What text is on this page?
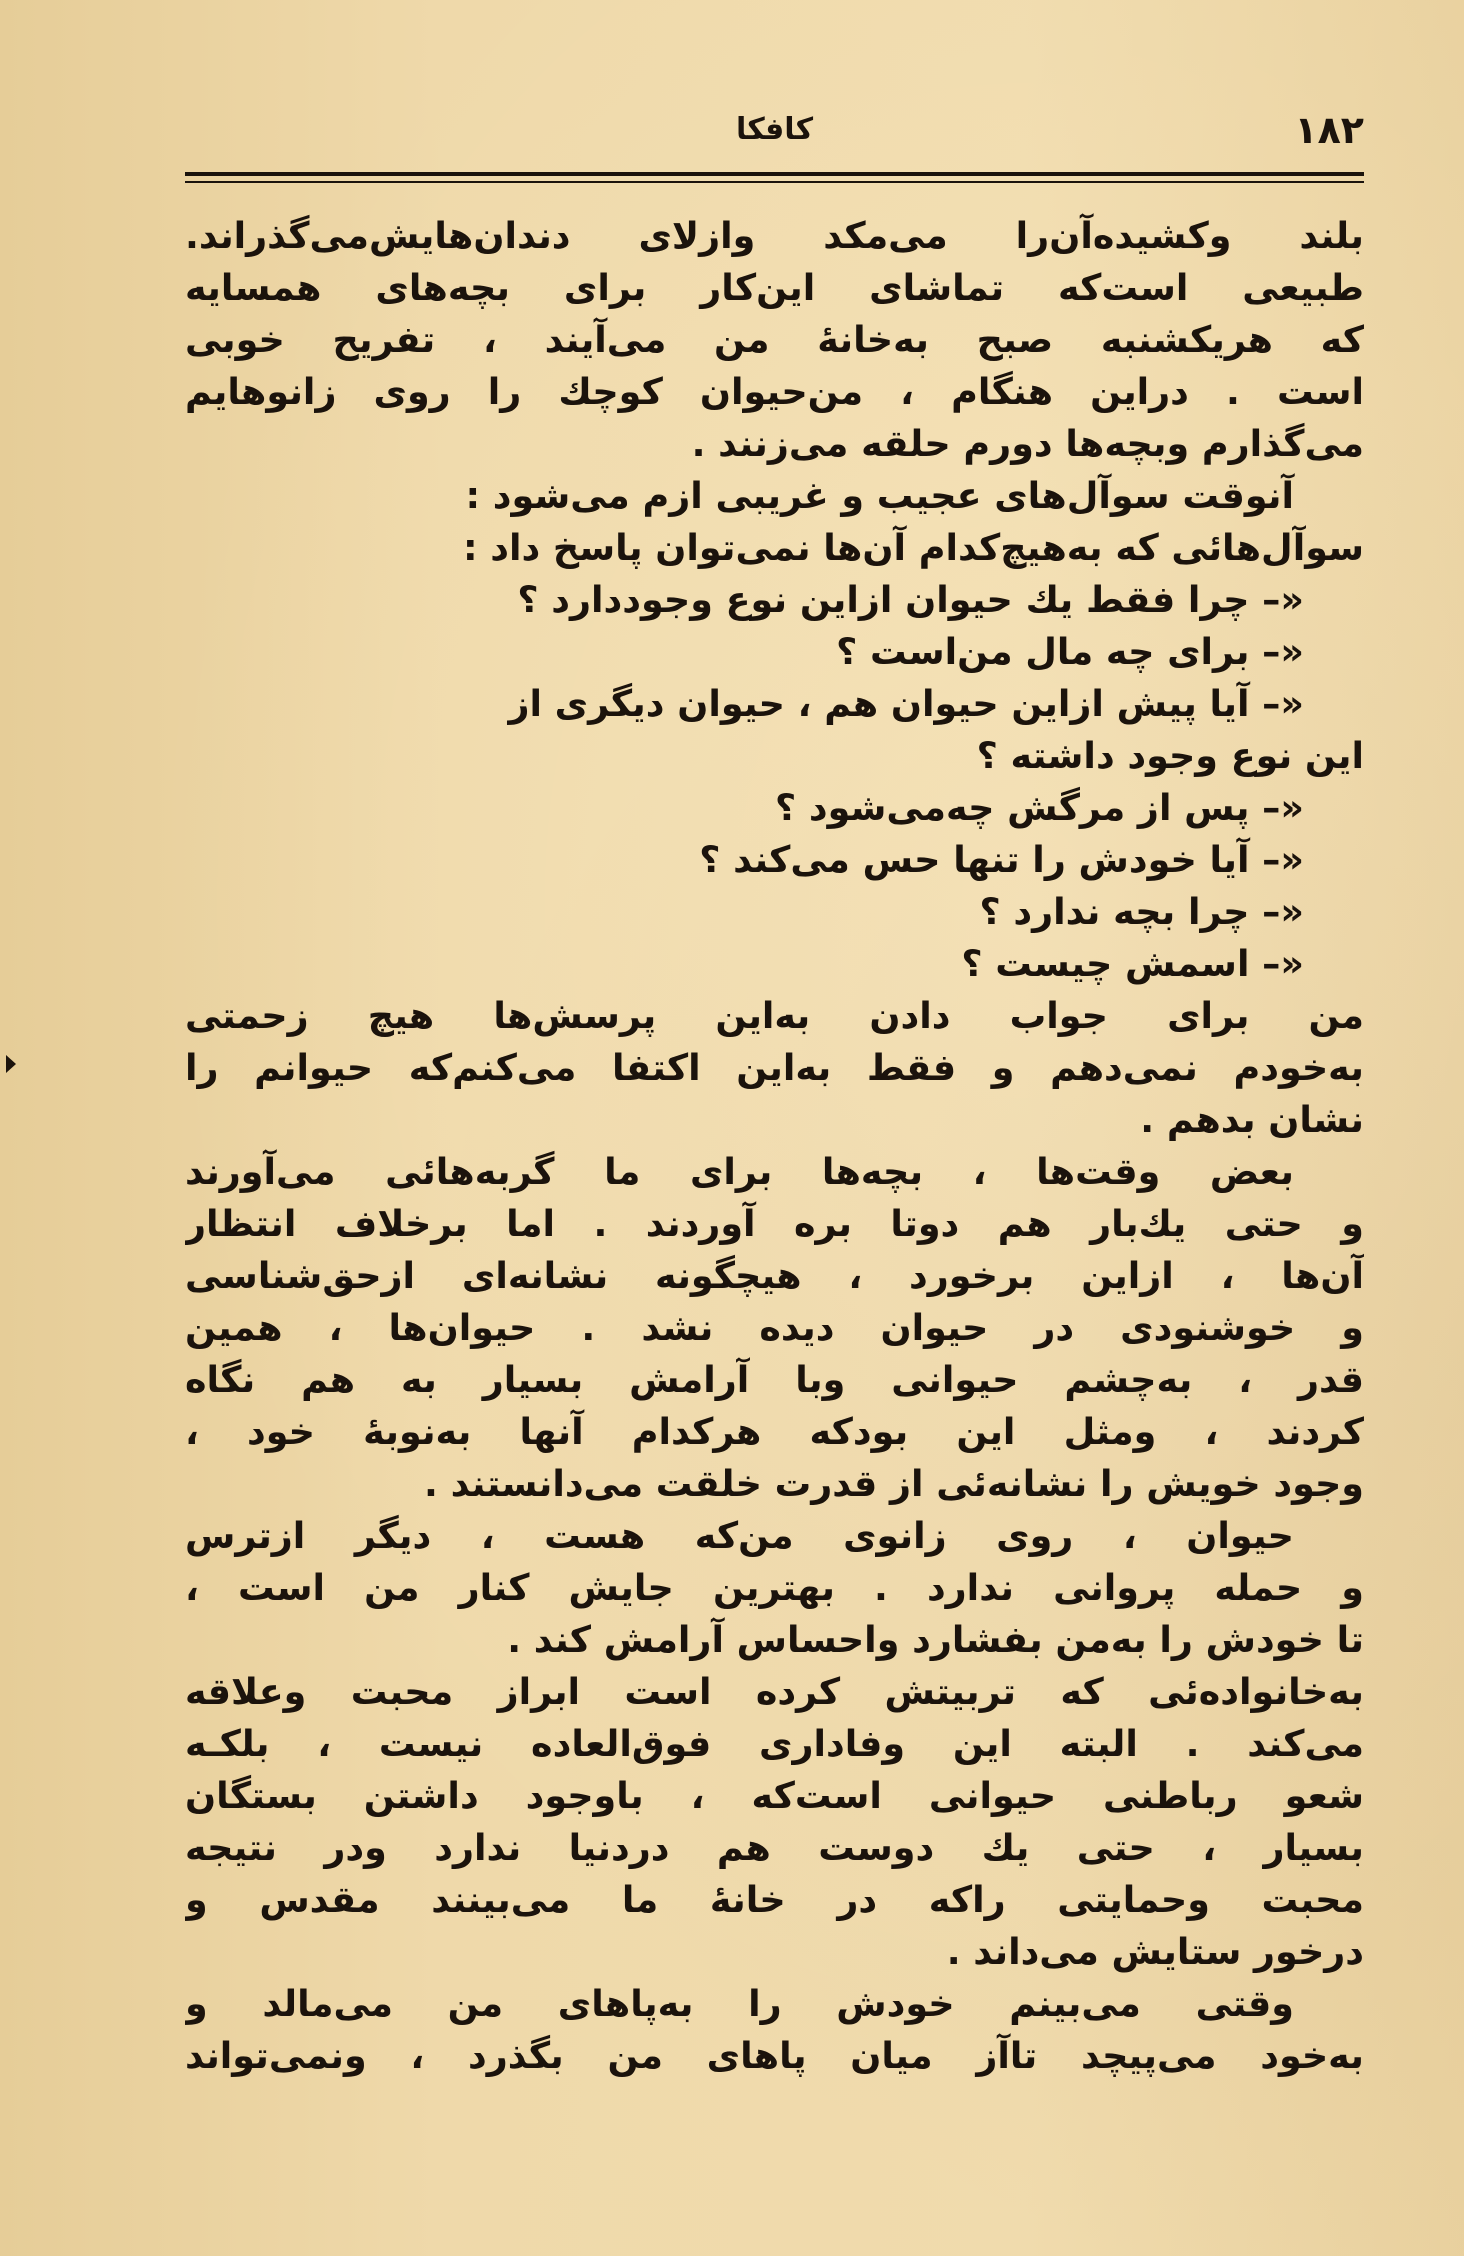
۱۸۲
کافکا
بلند وکشیده‌آن‌را می‌مکد وازلای دندان‌هایش‌می‌گذراند.
طبیعی است‌که تماشای این‌کار برای بچه‌های همسایه‌
که هریکشنبه صبح به‌خانهٔ من می‌آیند ، تفریح خوبی
است . دراین هنگام ، من‌حیوان کوچك را روی زانوهایم
می‌گذارم وبچه‌ها دورم حلقه می‌زنند .
آنوقت سوآل‌های عجیب و غریبی ازم می‌شود :
سوآل‌هائی که به‌هیچ‌کدام آن‌ها نمی‌توان پاسخ داد :
«– چرا فقط یك حیوان ازاین نوع وجوددارد ؟
«– برای چه مال من‌است ؟
«– آیا پیش ازاین حیوان هم ، حیوان دیگری از
این نوع وجود داشته ؟
«– پس از مرگش چه‌می‌شود ؟
«– آیا خودش را تنها حس می‌کند ؟
«– چرا بچه ندارد ؟
«– اسمش چیست ؟
من برای جواب دادن به‌این پرسش‌ها هیچ زحمتی
به‌خودم نمی‌دهم و فقط به‌این اکتفا می‌کنم‌که حیوانم را
نشان بدهم .
بعض وقت‌ها ، بچه‌ها برای ما گربه‌هائی می‌آورند
و حتی یك‌بار هم دوتا بره آوردند . اما برخلاف انتظار
آن‌ها ، ازاین برخورد ، هیچگونه نشانه‌ای ازحق‌شناسی
و خوشنودی در حیوان دیده نشد . حیوان‌ها ، همین
قدر ، به‌چشم حیوانی وبا آرامش بسیار به هم نگاه
کردند ، ومثل این بودکه هرکدام آنها به‌نوبهٔ خود ،
وجود خویش را نشانه‌ئی از قدرت خلقت می‌دانستند .
حیوان ، روی زانوی من‌که هست ، دیگر ازترس
و حمله پروانی ندارد . بهترین جایش کنار من است ،
تا خودش را به‌من بفشارد واحساس آرامش کند .
به‌خانواده‌ئی که تربیتش کرده است ابراز محبت وعلاقه
می‌کند . البته این وفاداری فوق‌العاده نیست ، بلکـه
شعو رباطنی حیوانی است‌که ، باوجود داشتن بستگان
بسیار ، حتی یك دوست هم دردنیا ندارد ودر نتیجه
محبت وحمایتی راکه در خانهٔ ما می‌بینند مقدس و
درخور ستایش می‌داند .
وقتی می‌بینم خودش را به‌پاهای من می‌مالد و
به‌خود می‌پیچد تاآز میان پاهای من بگذرد ، ونمی‌تواند
